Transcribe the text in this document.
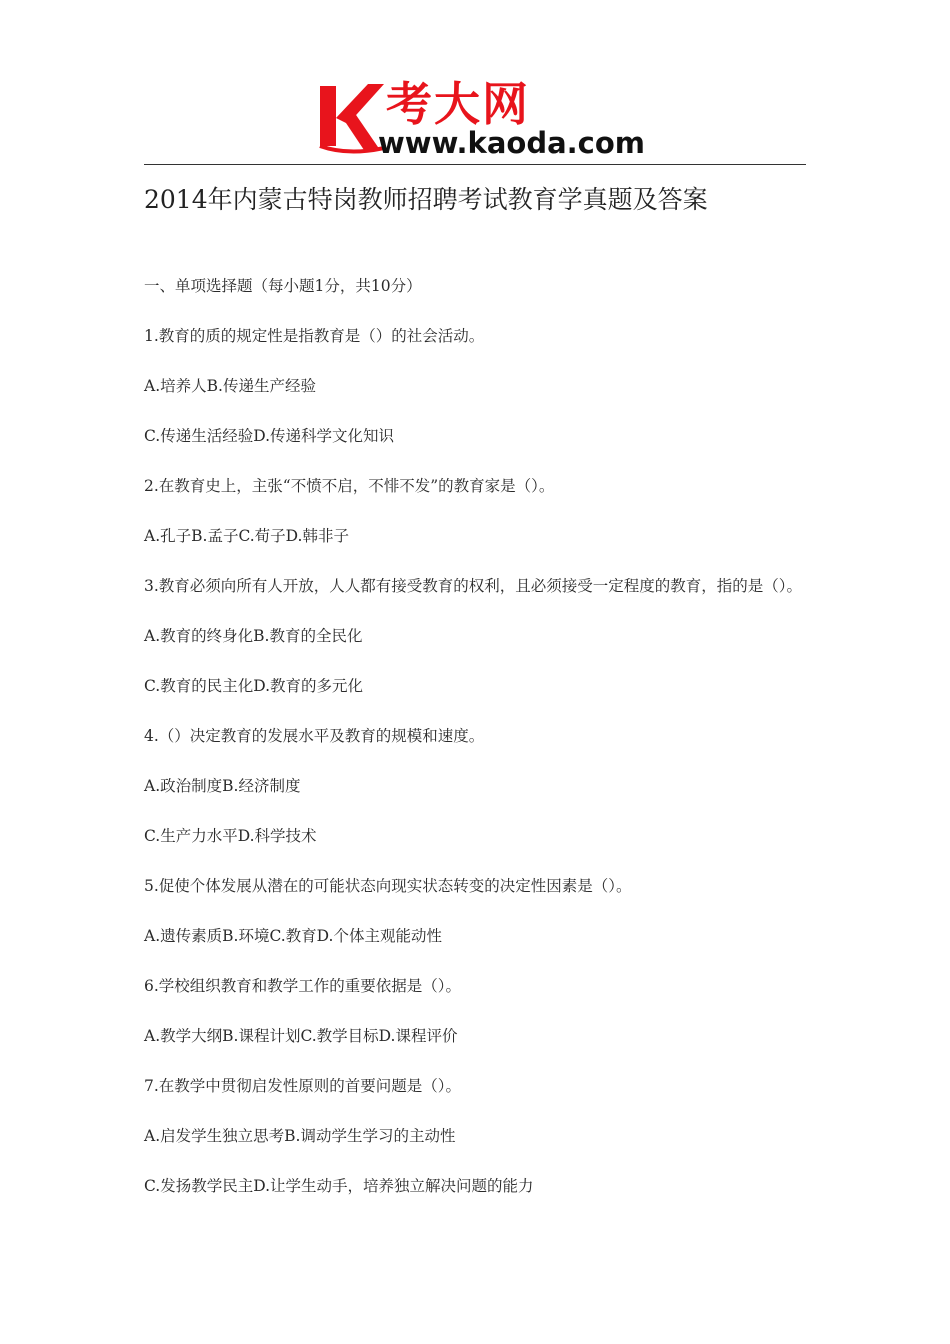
考大网
www.kaoda.com
2014年内蒙古特岗教师招聘考试教育学真题及答案

一、单项选择题（每小题1分，共10分）

1.教育的质的规定性是指教育是（）的社会活动。

A.培养人B.传递生产经验

C.传递生活经验D.传递科学文化知识

2.在教育史上，主张“不愤不启，不悱不发”的教育家是（）。

A.孔子B.孟子C.荀子D.韩非子

3.教育必须向所有人开放，人人都有接受教育的权利，且必须接受一定程度的教育，指的是（）。

A.教育的终身化B.教育的全民化

C.教育的民主化D.教育的多元化

4.（）决定教育的发展水平及教育的规模和速度。

A.政治制度B.经济制度

C.生产力水平D.科学技术

5.促使个体发展从潜在的可能状态向现实状态转变的决定性因素是（）。

A.遗传素质B.环境C.教育D.个体主观能动性

6.学校组织教育和教学工作的重要依据是（）。

A.教学大纲B.课程计划C.教学目标D.课程评价

7.在教学中贯彻启发性原则的首要问题是（）。

A.启发学生独立思考B.调动学生学习的主动性

C.发扬教学民主D.让学生动手，培养独立解决问题的能力
